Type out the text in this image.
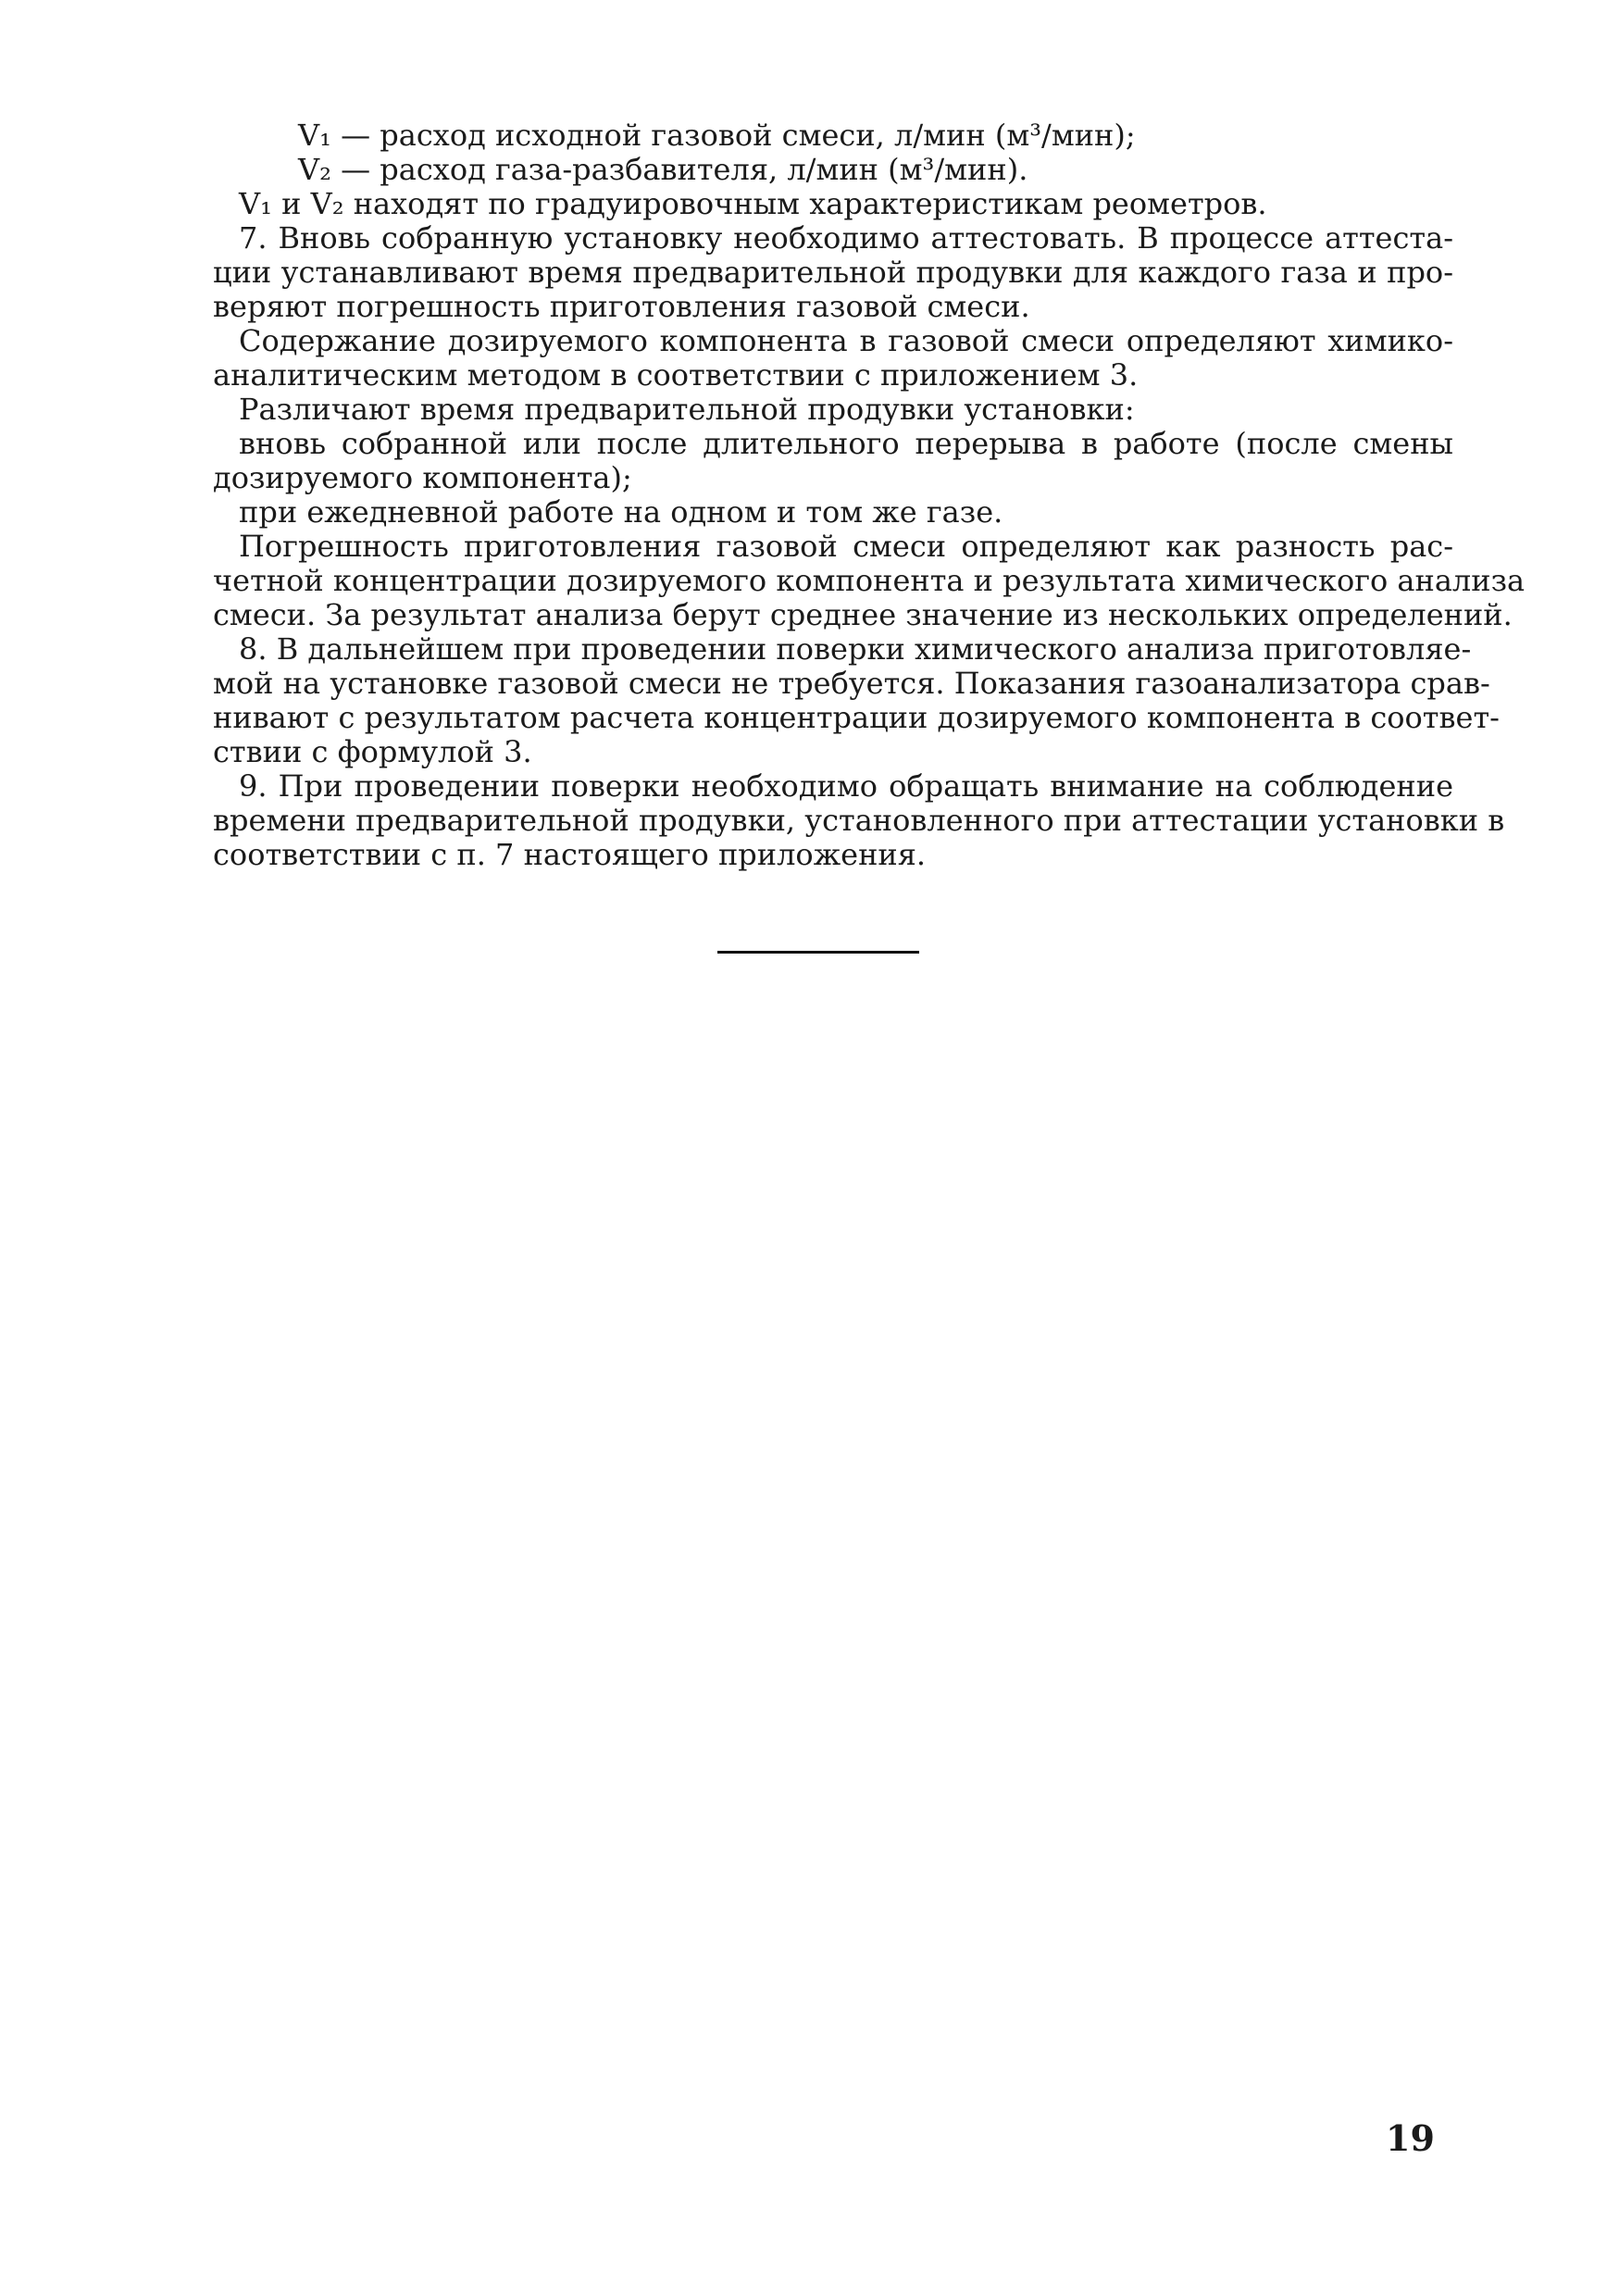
V₁ — расход исходной газовой смеси, л/мин (м³/мин);
V₂ — расход газа-разбавителя, л/мин (м³/мин).
V₁ и V₂ находят по градуировочным характеристикам реометров.
7. Вновь собранную установку необходимо аттестовать. В процессе аттеста-
ции устанавливают время предварительной продувки для каждого газа и про-
веряют погрешность приготовления газовой смеси.
Содержание дозируемого компонента в газовой смеси определяют химико-
аналитическим методом в соответствии с приложением 3.
Различают время предварительной продувки установки:
вновь собранной или после длительного перерыва в работе (после смены
дозируемого компонента);
при ежедневной работе на одном и том же газе.
Погрешность приготовления газовой смеси определяют как разность рас-
четной концентрации дозируемого компонента и результата химического анализа
смеси. За результат анализа берут среднее значение из нескольких определений.
8. В дальнейшем при проведении поверки химического анализа приготовляе-
мой на установке газовой смеси не требуется. Показания газоанализатора срав-
нивают с результатом расчета концентрации дозируемого компонента в соответ-
ствии с формулой 3.
9. При проведении поверки необходимо обращать внимание на соблюдение
времени предварительной продувки, установленного при аттестации установки в
соответствии с п. 7 настоящего приложения.
19
